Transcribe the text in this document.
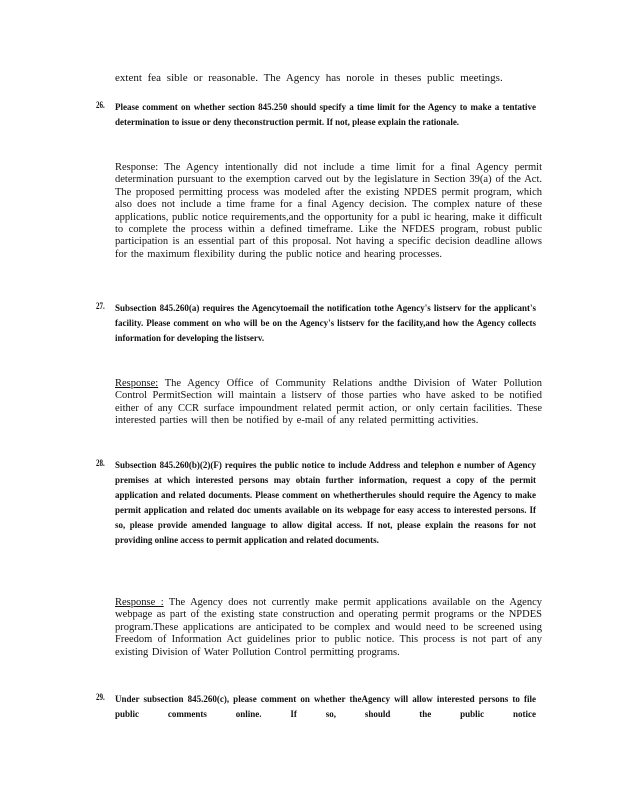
extent fea sible or reasonable. The Agency has norole in theses public meetings.
26. Please comment on whether section 845.250 should specify a time limit for the Agency to make a tentative determination to issue or deny theconstruction permit. If not, please explain the rationale.
Response: The Agency intentionally did not include a time limit for a final Agency permit determination pursuant to the exemption carved out by the legislature in Section 39(a) of the Act. The proposed permitting process was modeled after the existing NPDES permit program, which also does not include a time frame for a final Agency decision. The complex nature of these applications, public notice requirements,and the opportunity for a publ ic hearing, make it difficult to complete the process within a defined timeframe. Like the NFDES program, robust public participation is an essential part of this proposal. Not having a specific decision deadline allows for the maximum flexibility during the public notice and hearing processes.
27. Subsection 845.260(a) requires the Agencytoemail the notification tothe Agency's listserv for the applicant's facility. Please comment on who will be on the Agency's listserv for the facility,and how the Agency collects information for developing the listserv.
Response: The Agency Office of Community Relations andthe Division of Water Pollution Control PermitSection will maintain a listserv of those parties who have asked to be notified either of any CCR surface impoundment related permit action, or only certain facilities. These interested parties will then be notified by e-mail of any related permitting activities.
28. Subsection 845.260(b)(2)(F) requires the public notice to include Address and telephon e number of Agency premises at which interested persons may obtain further information, request a copy of the permit application and related documents. Please comment on whethertherules should require the Agency to make permit application and related doc uments available on its webpage for easy access to interested persons. If so, please provide amended language to allow digital access. If not, please explain the reasons for not providing online access to permit application and related documents.
Response : The Agency does not currently make permit applications available on the Agency webpage as part of the existing state construction and operating permit programs or the NPDES program.These applications are anticipated to be complex and would need to be screened using Freedom of Information Act guidelines prior to public notice. This process is not part of any existing Division of Water Pollution Control permitting programs.
29. Under subsection 845.260(c), please comment on whether theAgency will allow interested persons to file public comments online. If so, should the public notice
